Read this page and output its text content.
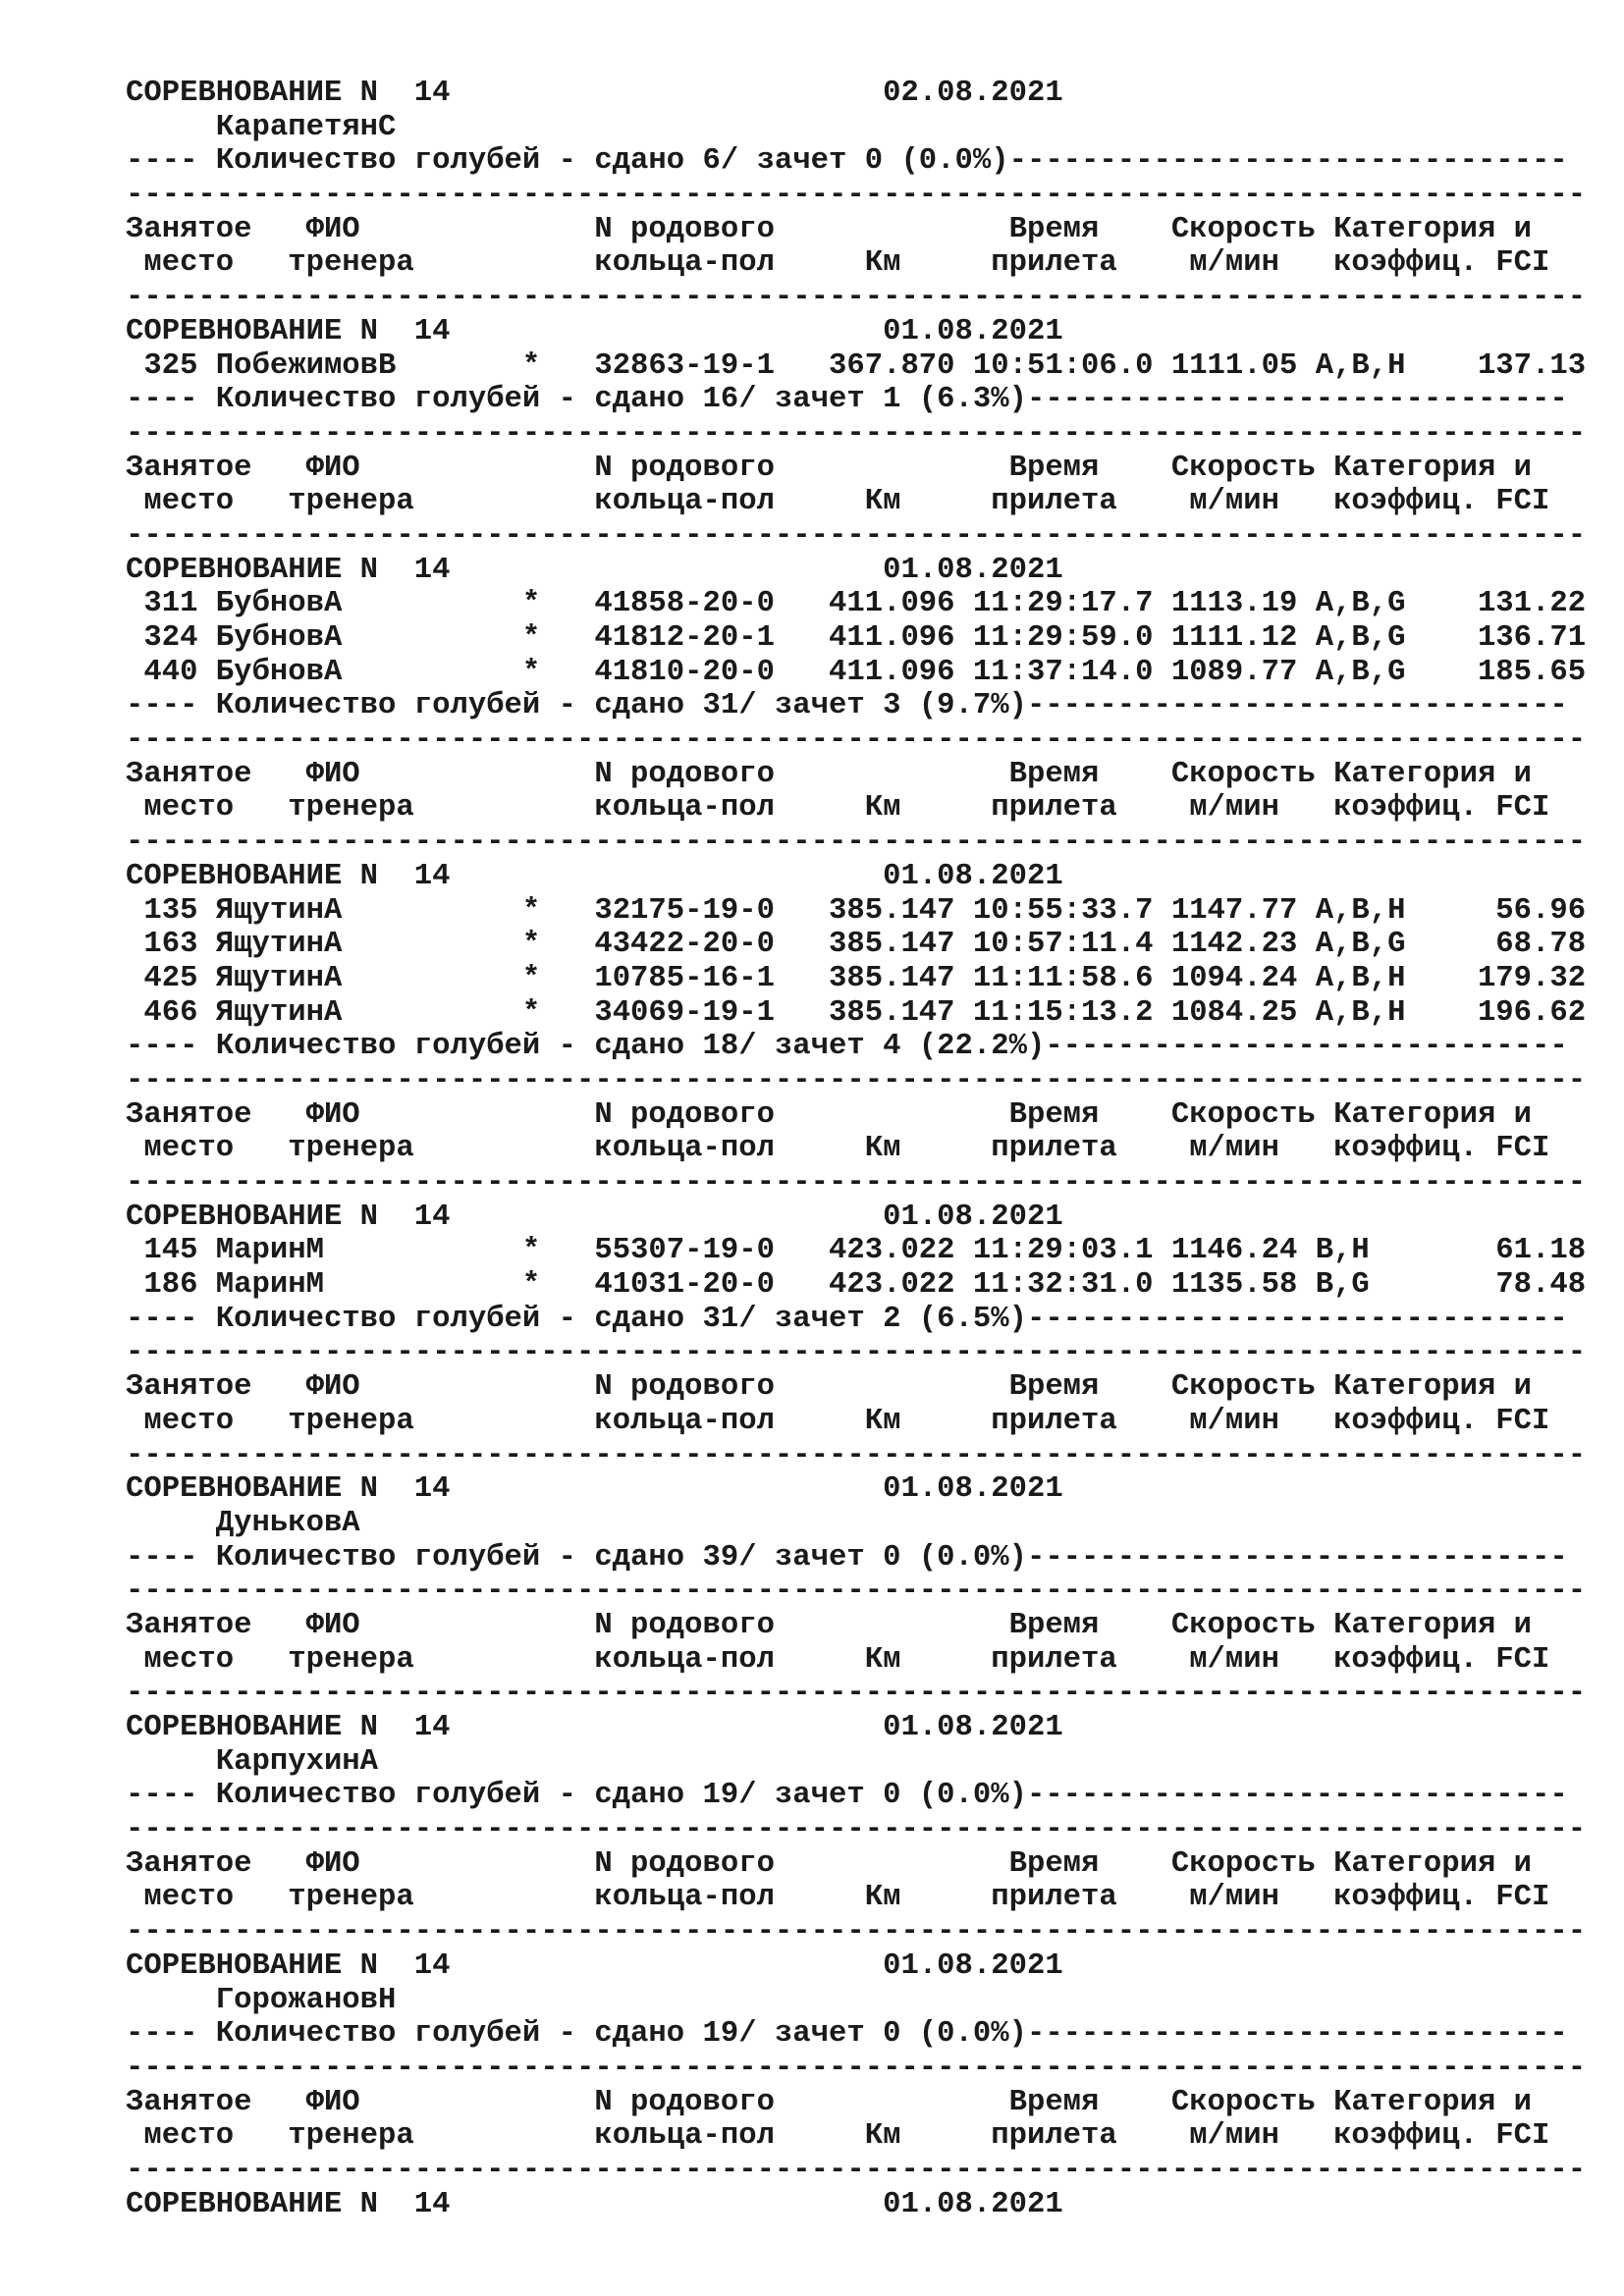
СОРЕВНОВАНИЕ N  14                        02.08.2021
КарапетянС
---- Количество голубей - сдано 6/ зачет 0 (0.0%)-------------------------------
---------------------------------------------------------------------------------
Занятое   ФИО             N родового             Время    Скорость Категория и
место   тренера          кольца-пол     Км     прилета    м/мин   коэффиц. FCI
---------------------------------------------------------------------------------
СОРЕВНОВАНИЕ N  14                        01.08.2021
325 ПобежимовВ       *   32863-19-1   367.870 10:51:06.0 1111.05 A,B,H    137.13
---- Количество голубей - сдано 16/ зачет 1 (6.3%)------------------------------
---------------------------------------------------------------------------------
Занятое   ФИО             N родового             Время    Скорость Категория и
место   тренера          кольца-пол     Км     прилета    м/мин   коэффиц. FCI
---------------------------------------------------------------------------------
СОРЕВНОВАНИЕ N  14                        01.08.2021
311 БубновА          *   41858-20-0   411.096 11:29:17.7 1113.19 A,B,G    131.22
324 БубновА          *   41812-20-1   411.096 11:29:59.0 1111.12 A,B,G    136.71
440 БубновА          *   41810-20-0   411.096 11:37:14.0 1089.77 A,B,G    185.65
---- Количество голубей - сдано 31/ зачет 3 (9.7%)------------------------------
---------------------------------------------------------------------------------
Занятое   ФИО             N родового             Время    Скорость Категория и
место   тренера          кольца-пол     Км     прилета    м/мин   коэффиц. FCI
---------------------------------------------------------------------------------
СОРЕВНОВАНИЕ N  14                        01.08.2021
135 ЯщутинА          *   32175-19-0   385.147 10:55:33.7 1147.77 A,B,H     56.96
163 ЯщутинА          *   43422-20-0   385.147 10:57:11.4 1142.23 A,B,G     68.78
425 ЯщутинА          *   10785-16-1   385.147 11:11:58.6 1094.24 A,B,H    179.32
466 ЯщутинА          *   34069-19-1   385.147 11:15:13.2 1084.25 A,B,H    196.62
---- Количество голубей - сдано 18/ зачет 4 (22.2%)-----------------------------
---------------------------------------------------------------------------------
Занятое   ФИО             N родового             Время    Скорость Категория и
место   тренера          кольца-пол     Км     прилета    м/мин   коэффиц. FCI
---------------------------------------------------------------------------------
СОРЕВНОВАНИЕ N  14                        01.08.2021
145 МаринМ           *   55307-19-0   423.022 11:29:03.1 1146.24 B,H       61.18
186 МаринМ           *   41031-20-0   423.022 11:32:31.0 1135.58 B,G       78.48
---- Количество голубей - сдано 31/ зачет 2 (6.5%)------------------------------
---------------------------------------------------------------------------------
Занятое   ФИО             N родового             Время    Скорость Категория и
место   тренера          кольца-пол     Км     прилета    м/мин   коэффиц. FCI
---------------------------------------------------------------------------------
СОРЕВНОВАНИЕ N  14                        01.08.2021
ДуньковА
---- Количество голубей - сдано 39/ зачет 0 (0.0%)------------------------------
---------------------------------------------------------------------------------
Занятое   ФИО             N родового             Время    Скорость Категория и
место   тренера          кольца-пол     Км     прилета    м/мин   коэффиц. FCI
---------------------------------------------------------------------------------
СОРЕВНОВАНИЕ N  14                        01.08.2021
КарпухинА
---- Количество голубей - сдано 19/ зачет 0 (0.0%)------------------------------
---------------------------------------------------------------------------------
Занятое   ФИО             N родового             Время    Скорость Категория и
место   тренера          кольца-пол     Км     прилета    м/мин   коэффиц. FCI
---------------------------------------------------------------------------------
СОРЕВНОВАНИЕ N  14                        01.08.2021
ГорожановН
---- Количество голубей - сдано 19/ зачет 0 (0.0%)------------------------------
---------------------------------------------------------------------------------
Занятое   ФИО             N родового             Время    Скорость Категория и
место   тренера          кольца-пол     Км     прилета    м/мин   коэффиц. FCI
---------------------------------------------------------------------------------
СОРЕВНОВАНИЕ N  14                        01.08.2021
